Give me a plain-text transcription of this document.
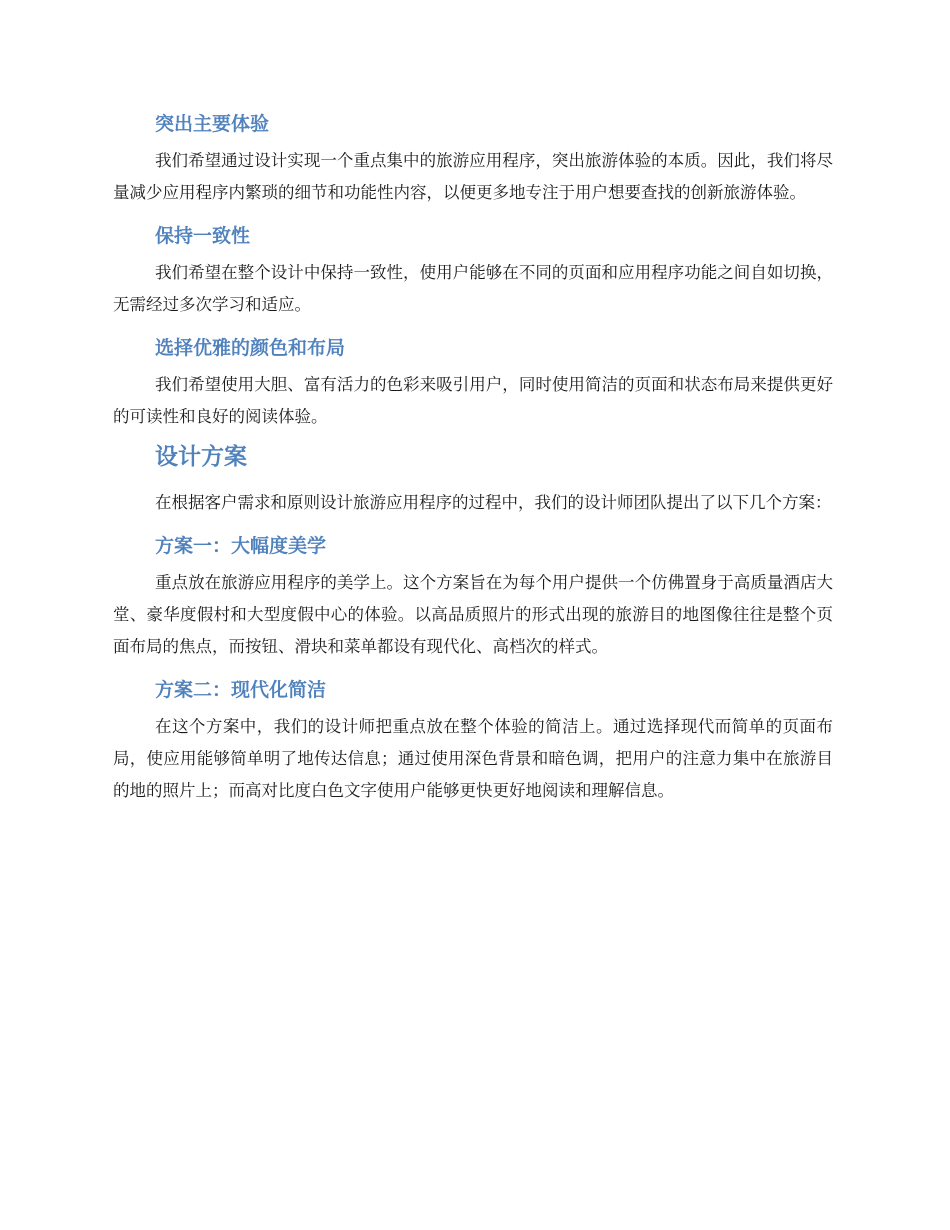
突出主要体验

我们希望通过设计实现一个重点集中的旅游应用程序，突出旅游体验的本质。因此，我们将尽量减少应用程序内繁琐的细节和功能性内容，以便更多地专注于用户想要查找的创新旅游体验。

保持一致性

我们希望在整个设计中保持一致性，使用户能够在不同的页面和应用程序功能之间自如切换，无需经过多次学习和适应。

选择优雅的颜色和布局

我们希望使用大胆、富有活力的色彩来吸引用户，同时使用简洁的页面和状态布局来提供更好的可读性和良好的阅读体验。

设计方案

在根据客户需求和原则设计旅游应用程序的过程中，我们的设计师团队提出了以下几个方案：

方案一：大幅度美学

重点放在旅游应用程序的美学上。这个方案旨在为每个用户提供一个仿佛置身于高质量酒店大堂、豪华度假村和大型度假中心的体验。以高品质照片的形式出现的旅游目的地图像往往是整个页面布局的焦点，而按钮、滑块和菜单都设有现代化、高档次的样式。

方案二：现代化简洁

在这个方案中，我们的设计师把重点放在整个体验的简洁上。通过选择现代而简单的页面布局，使应用能够简单明了地传达信息；通过使用深色背景和暗色调，把用户的注意力集中在旅游目的地的照片上；而高对比度白色文字使用户能够更快更好地阅读和理解信息。
